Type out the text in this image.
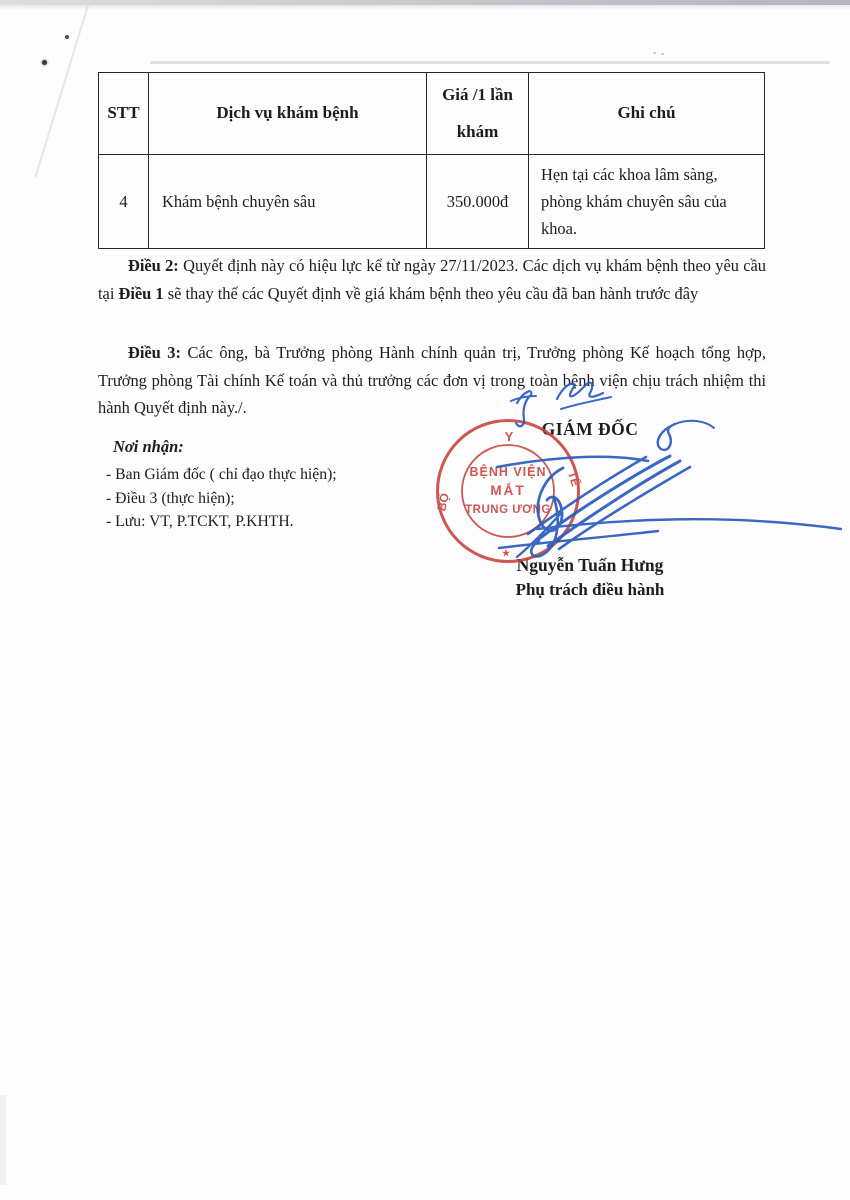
STT	Dịch vụ khám bệnh	Giá /1 lần khám	Ghi chú
4	Khám bệnh chuyên sâu	350.000đ	Hẹn tại các khoa lâm sàng, phòng khám chuyên sâu của khoa.

Điều 2: Quyết định này có hiệu lực kể từ ngày 27/11/2023. Các dịch vụ khám bệnh theo yêu cầu tại Điều 1 sẽ thay thế các Quyết định về giá khám bệnh theo yêu cầu đã ban hành trước đây

Điều 3: Các ông, bà Trưởng phòng Hành chính quản trị, Trưởng phòng Kế hoạch tổng hợp, Trưởng phòng Tài chính Kế toán và thủ trưởng các đơn vị trong toàn bệnh viện chịu trách nhiệm thi hành Quyết định này./.

Nơi nhận:
- Ban Giám đốc ( chỉ đạo thực hiện);
- Điều 3 (thực hiện);
- Lưu: VT, P.TCKT, P.KHTH.
GIÁM ĐỐC
Nguyễn Tuấn Hưng
Phụ trách điều hành
Y
BỘ
TẾ
BỆNH VIỆN
MẮT
TRUNG ƯƠNG
★
